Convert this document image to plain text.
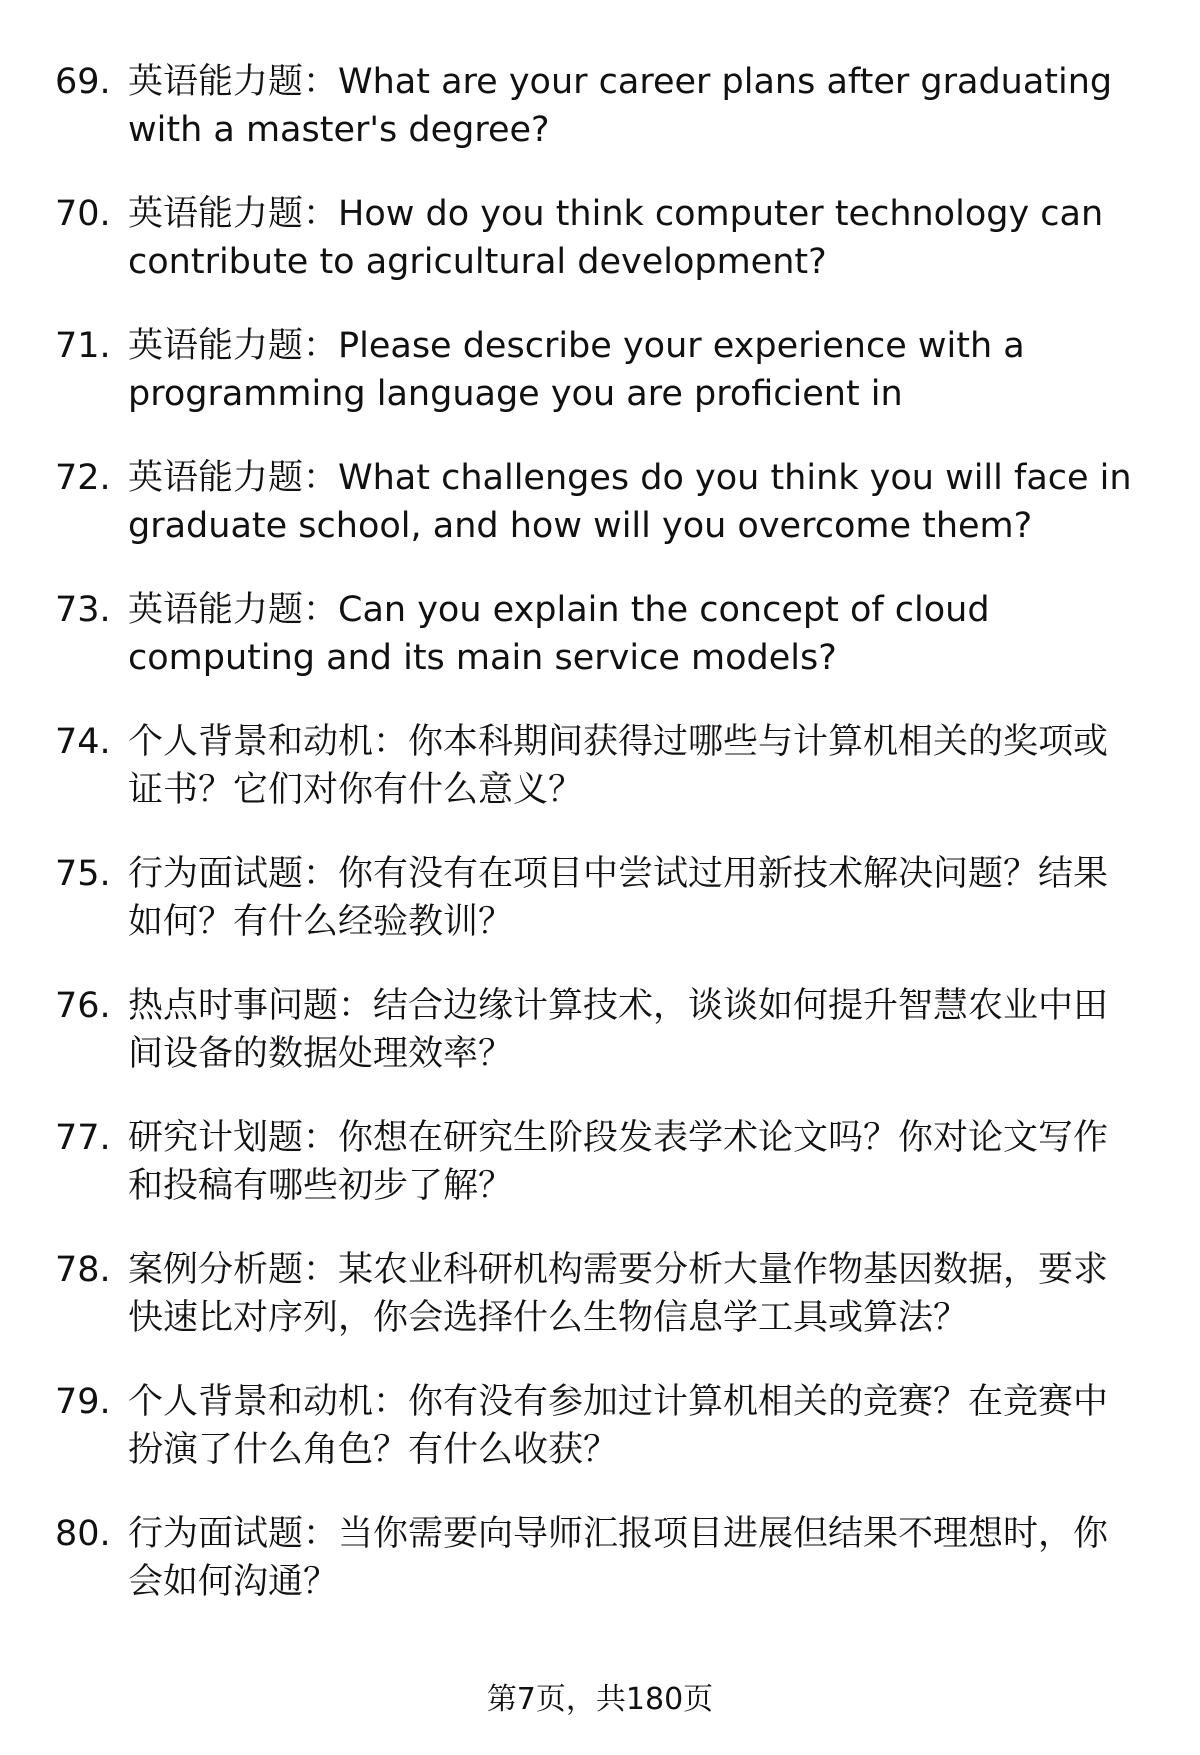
69. 英语能力题：What are your career plans after graduating with a master's degree?
70. 英语能力题：How do you think computer technology can contribute to agricultural development?
71. 英语能力题：Please describe your experience with a programming language you are proficient in
72. 英语能力题：What challenges do you think you will face in graduate school, and how will you overcome them?
73. 英语能力题：Can you explain the concept of cloud computing and its main service models?
74. 个人背景和动机：你本科期间获得过哪些与计算机相关的奖项或证书？它们对你有什么意义？
75. 行为面试题：你有没有在项目中尝试过用新技术解决问题？结果如何？有什么经验教训？
76. 热点时事问题：结合边缘计算技术，谈谈如何提升智慧农业中田间设备的数据处理效率？
77. 研究计划题：你想在研究生阶段发表学术论文吗？你对论文写作和投稿有哪些初步了解？
78. 案例分析题：某农业科研机构需要分析大量作物基因数据，要求快速比对序列，你会选择什么生物信息学工具或算法？
79. 个人背景和动机：你有没有参加过计算机相关的竞赛？在竞赛中扮演了什么角色？有什么收获？
80. 行为面试题：当你需要向导师汇报项目进展但结果不理想时，你会如何沟通？
第7页，共180页
